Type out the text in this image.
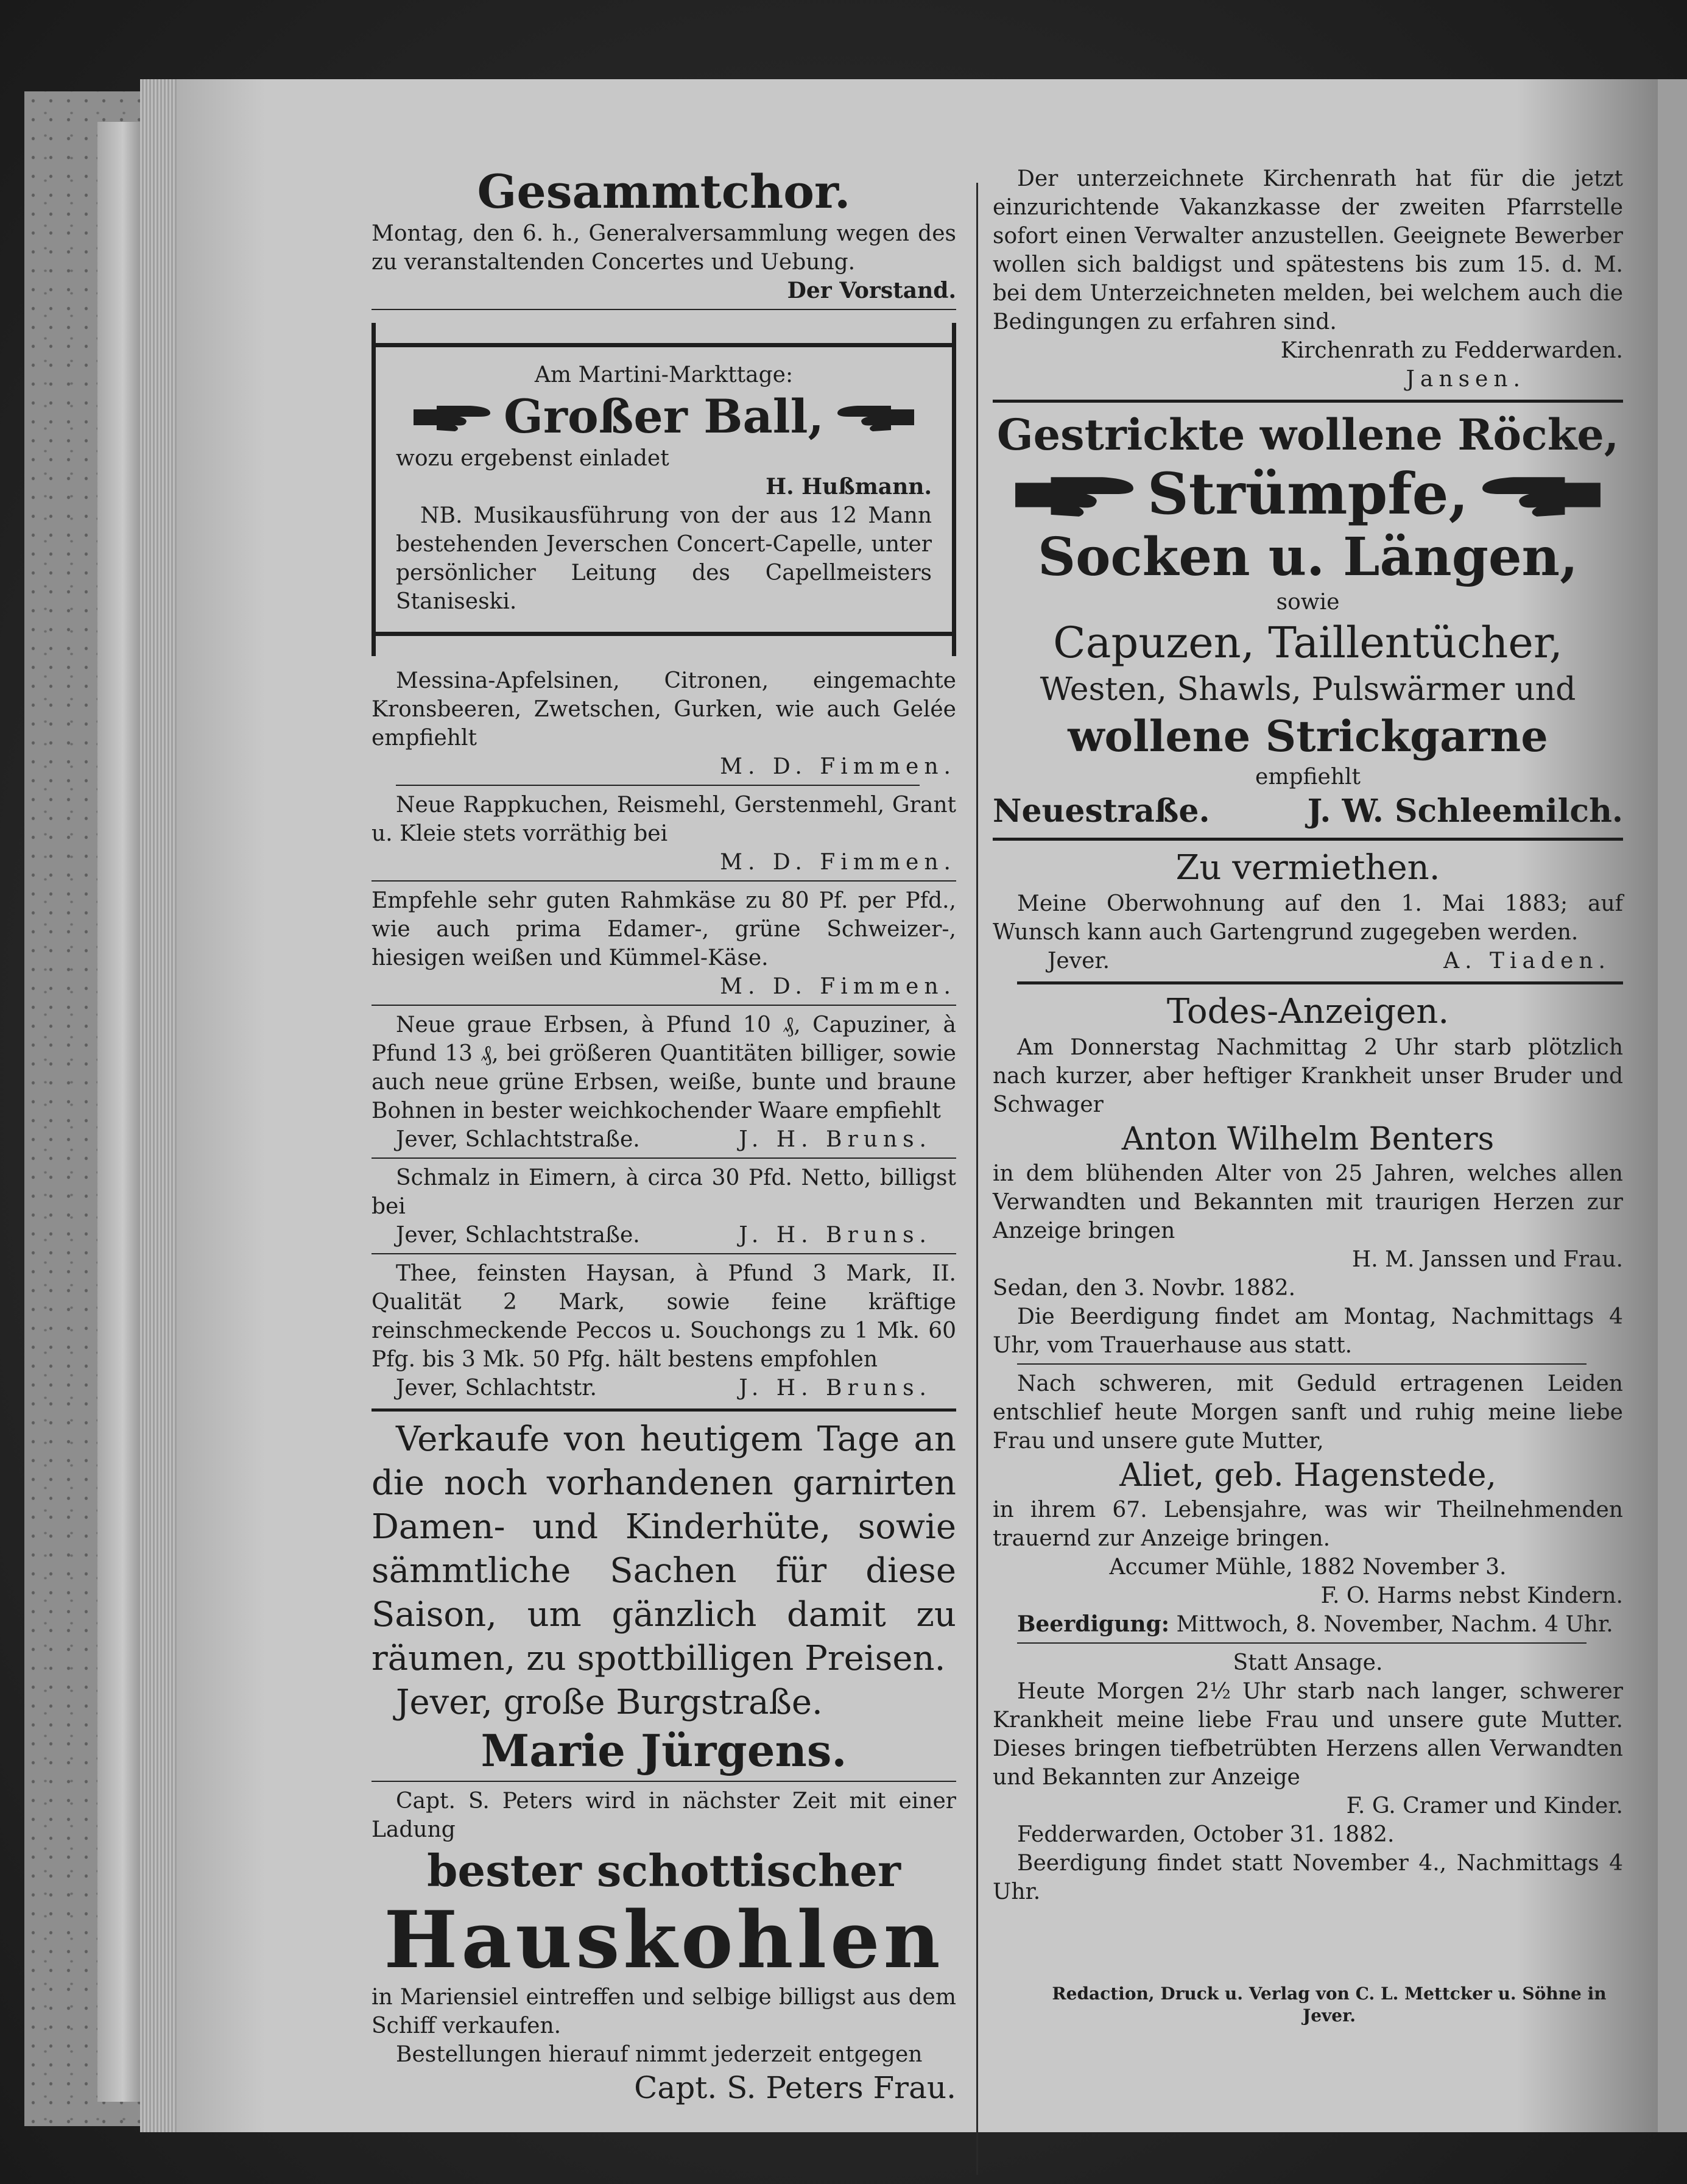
Gesammtchor.

Montag, den 6. h., Generalversammlung wegen des zu veranstaltenden Concertes und Uebung.

Der Vorstand.

Am Martini-Markttage:

Großer Ball,

wozu ergebenst einladet

H. Hußmann.

NB. Musikausführung von der aus 12 Mann bestehenden Jeverschen Concert-Capelle, unter persönlicher Leitung des Capellmeisters Staniseski.

Messina-Apfelsinen, Citronen, eingemachte Kronsbeeren, Zwetschen, Gurken, wie auch Gelée empfiehlt

M. D. Fimmen.

Neue Rappkuchen, Reismehl, Gerstenmehl, Grant u. Kleie stets vorräthig bei

M. D. Fimmen.

Empfehle sehr guten Rahmkäse zu 80 Pf. per Pfd., wie auch prima Edamer-, grüne Schweizer-, hiesigen weißen und Kümmel-Käse.

M. D. Fimmen.

Neue graue Erbsen, à Pfund 10 ₰, Capuziner, à Pfund 13 ₰, bei größeren Quantitäten billiger, sowie auch neue grüne Erbsen, weiße, bunte und braune Bohnen in bester weichkochender Waare empfiehlt

Jever, Schlachtstraße.	J. H. Bruns.

Schmalz in Eimern, à circa 30 Pfd. Netto, billigst bei

Jever, Schlachtstraße.	J. H. Bruns.

Thee, feinsten Haysan, à Pfund 3 Mark, II. Qualität 2 Mark, sowie feine kräftige reinschmeckende Peccos u. Souchongs zu 1 Mk. 60 Pfg. bis 3 Mk. 50 Pfg. hält bestens empfohlen

Jever, Schlachtstr.	J. H. Bruns.

Verkaufe von heutigem Tage an die noch vorhandenen garnirten Damen- und Kinderhüte, sowie sämmtliche Sachen für diese Saison, um gänzlich damit zu räumen, zu spottbilligen Preisen.

Jever, große Burgstraße.

Marie Jürgens.

Capt. S. Peters wird in nächster Zeit mit einer Ladung

bester schottischer

Hauskohlen

in Mariensiel eintreffen und selbige billigst aus dem Schiff verkaufen.

Bestellungen hierauf nimmt jederzeit entgegen

Capt. S. Peters Frau.

Der unterzeichnete Kirchenrath hat für die jetzt einzurichtende Vakanzkasse der zweiten Pfarrstelle sofort einen Verwalter anzustellen. Geeignete Bewerber wollen sich baldigst und spätestens bis zum 15. d. M. bei dem Unterzeichneten melden, bei welchem auch die Bedingungen zu erfahren sind.

Kirchenrath zu Fedderwarden.

Jansen.

Gestrickte wollene Röcke,

Strümpfe,

Socken u. Längen,

sowie

Capuzen, Taillentücher,

Westen, Shawls, Pulswärmer und

wollene Strickgarne

empfiehlt

Neuestraße.	J. W. Schleemilch.

Zu vermiethen.

Meine Oberwohnung auf den 1. Mai 1883; auf Wunsch kann auch Gartengrund zugegeben werden.

Jever.	A. Tiaden.

Todes-Anzeigen.

Am Donnerstag Nachmittag 2 Uhr starb plötzlich nach kurzer, aber heftiger Krankheit unser Bruder und Schwager

Anton Wilhelm Benters

in dem blühenden Alter von 25 Jahren, welches allen Verwandten und Bekannten mit traurigen Herzen zur Anzeige bringen

H. M. Janssen und Frau.

Sedan, den 3. Novbr. 1882.

Die Beerdigung findet am Montag, Nachmittags 4 Uhr, vom Trauerhause aus statt.

Nach schweren, mit Geduld ertragenen Leiden entschlief heute Morgen sanft und ruhig meine liebe Frau und unsere gute Mutter,

Aliet, geb. Hagenstede,

in ihrem 67. Lebensjahre, was wir Theilnehmenden trauernd zur Anzeige bringen.

Accumer Mühle, 1882 November 3.

F. O. Harms nebst Kindern.

Beerdigung: Mittwoch, 8. November, Nachm. 4 Uhr.

Statt Ansage.

Heute Morgen 2½ Uhr starb nach langer, schwerer Krankheit meine liebe Frau und unsere gute Mutter. Dieses bringen tiefbetrübten Herzens allen Verwandten und Bekannten zur Anzeige

F. G. Cramer und Kinder.

Fedderwarden, October 31. 1882.

Beerdigung findet statt November 4., Nachmittags 4 Uhr.

Redaction, Druck u. Verlag von C. L. Mettcker u. Söhne in Jever.
